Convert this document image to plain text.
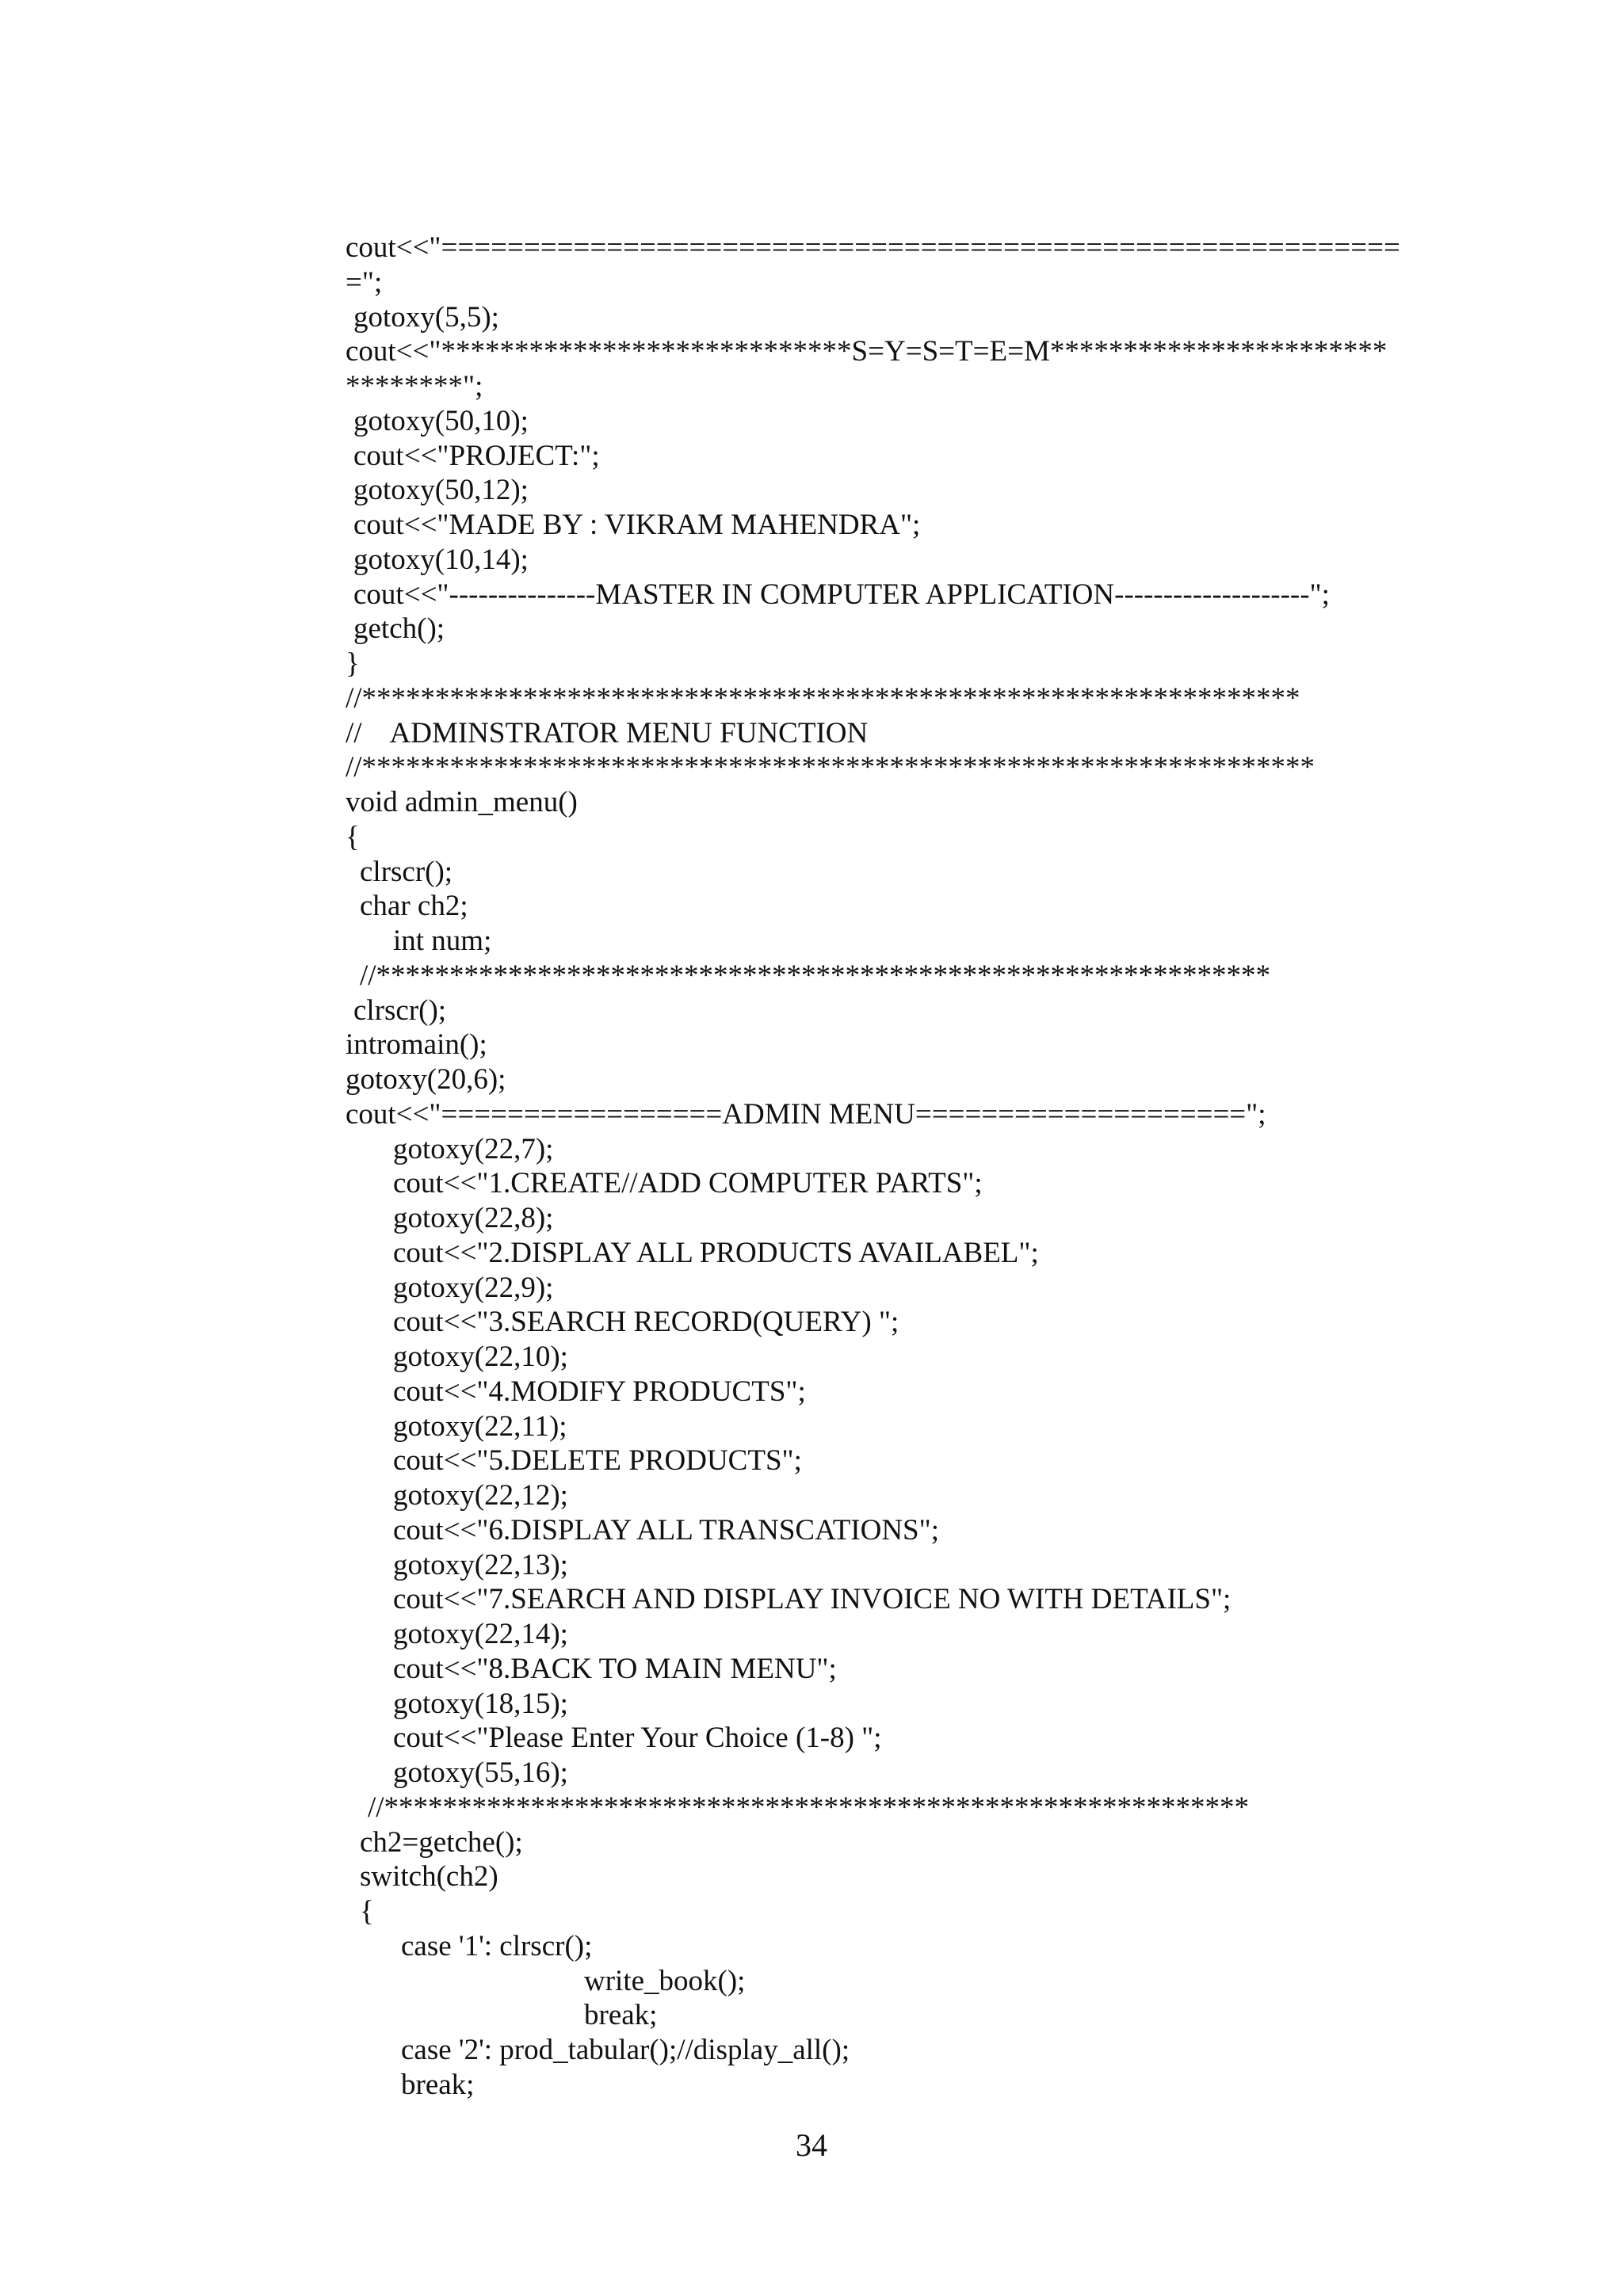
cout<<"==========================================================
=";
gotoxy(5,5);
cout<<"****************************S=Y=S=T=E=M***********************
********";
gotoxy(50,10);
cout<<"PROJECT:";
gotoxy(50,12);
cout<<"MADE BY : VIKRAM MAHENDRA";
gotoxy(10,14);
cout<<"---------------MASTER IN COMPUTER APPLICATION--------------------";
getch();
}
//****************************************************************
//    ADMINSTRATOR MENU FUNCTION
//*****************************************************************
void admin_menu()
{
clrscr();
char ch2;
int num;
//*************************************************************
clrscr();
intromain();
gotoxy(20,6);
cout<<"=================ADMIN MENU====================";
gotoxy(22,7);
cout<<"1.CREATE//ADD COMPUTER PARTS";
gotoxy(22,8);
cout<<"2.DISPLAY ALL PRODUCTS AVAILABEL";
gotoxy(22,9);
cout<<"3.SEARCH RECORD(QUERY) ";
gotoxy(22,10);
cout<<"4.MODIFY PRODUCTS";
gotoxy(22,11);
cout<<"5.DELETE PRODUCTS";
gotoxy(22,12);
cout<<"6.DISPLAY ALL TRANSCATIONS";
gotoxy(22,13);
cout<<"7.SEARCH AND DISPLAY INVOICE NO WITH DETAILS";
gotoxy(22,14);
cout<<"8.BACK TO MAIN MENU";
gotoxy(18,15);
cout<<"Please Enter Your Choice (1-8) ";
gotoxy(55,16);
//***********************************************************
ch2=getche();
switch(ch2)
{
case '1': clrscr();
write_book();
break;
case '2': prod_tabular();//display_all();
break;
34
